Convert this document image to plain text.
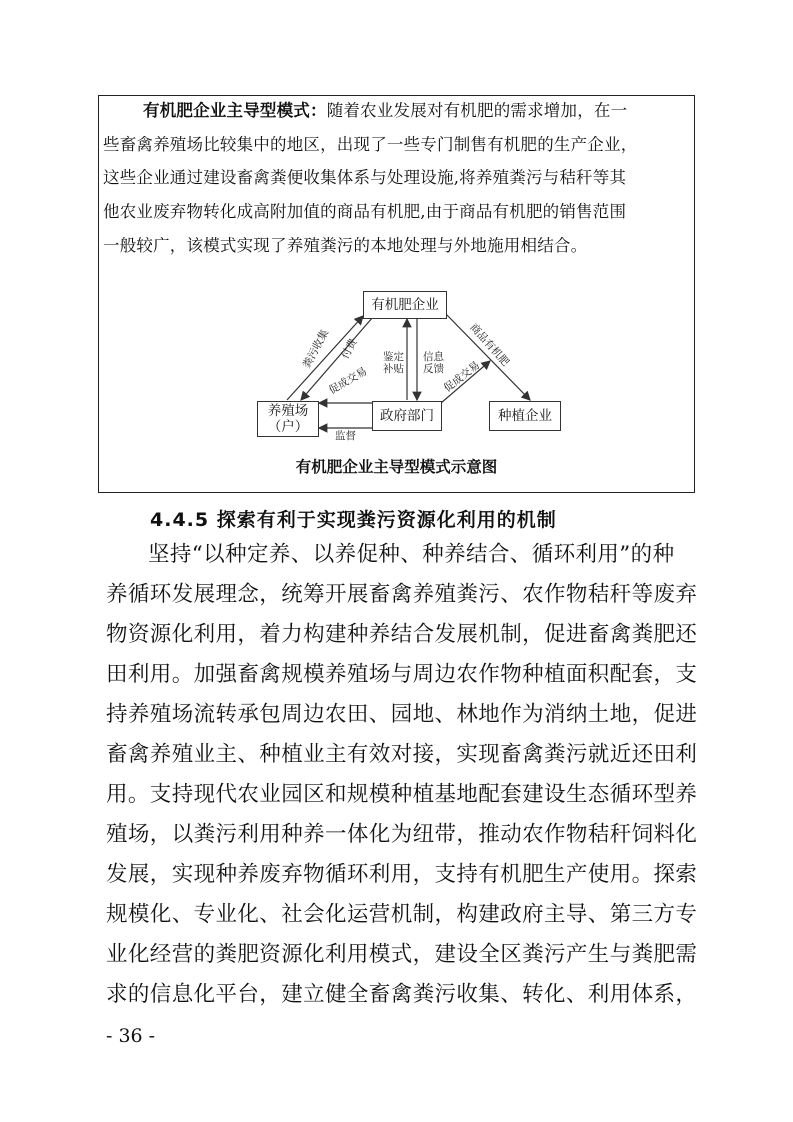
有机肥企业主导型模式：随着农业发展对有机肥的需求增加，在一
些畜禽养殖场比较集中的地区，出现了一些专门制售有机肥的生产企业，
这些企业通过建设畜禽粪便收集体系与处理设施,将养殖粪污与秸秆等其
他农业废弃物转化成高附加值的商品有机肥,由于商品有机肥的销售范围
一般较广，该模式实现了养殖粪污的本地处理与外地施用相结合。
有机肥企业
养殖场
（户）
政府部门	种植企业
粪污收集 付费 鉴定
补贴
信息
反馈
促成交易	促成交易
商品有机肥
监督
有机肥企业主导型模式示意图
4.4.5 探索有利于实现粪污资源化利用的机制
坚持“以种定养、以养促种、种养结合、循环利用”的种
养循环发展理念，统筹开展畜禽养殖粪污、农作物秸秆等废弃
物资源化利用，着力构建种养结合发展机制，促进畜禽粪肥还
田利用。加强畜禽规模养殖场与周边农作物种植面积配套，支
持养殖场流转承包周边农田、园地、林地作为消纳土地，促进
畜禽养殖业主、种植业主有效对接，实现畜禽粪污就近还田利
用。支持现代农业园区和规模种植基地配套建设生态循环型养
殖场，以粪污利用种养一体化为纽带，推动农作物秸秆饲料化
发展，实现种养废弃物循环利用，支持有机肥生产使用。探索
规模化、专业化、社会化运营机制，构建政府主导、第三方专
业化经营的粪肥资源化利用模式，建设全区粪污产生与粪肥需
求的信息化平台，建立健全畜禽粪污收集、转化、利用体系，
- 36 -
